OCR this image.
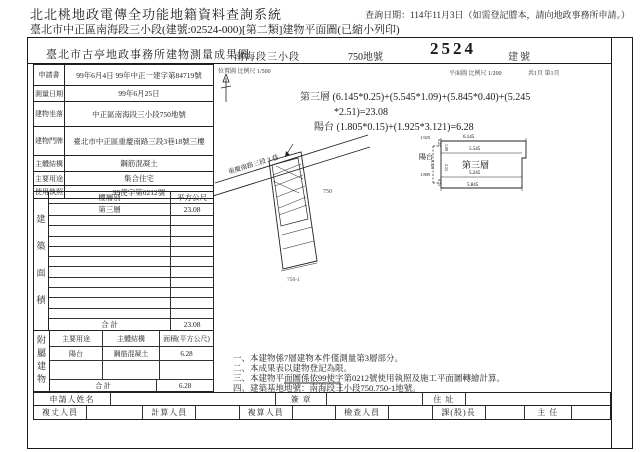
北北桃地政電傳全功能地籍資料查詢系統	查詢日期：114年11月3日（如需登記謄本，請向地政事務所申請。）
臺北市中正區南海段三小段(建號:02524-000)[第二類]建物平面圖(已縮小列印)
臺北市古亭地政事務所建物測量成果圖
南海段三小段	750地號	2524	建號
申請書	99年6月4日 99年中正一建字第84719號
測量日期	99年6月25日
建物坐落	中正區南海段三小段750地號
建物門牌	臺北市中正區重慶南路三段3巷18號三樓
主體結構	鋼筋混凝土
主要用途	集合住宅
使用執照	99使字第0212號
建築面積
樓層別	平方公尺
第三層	23.08
合 計	23.08
附屬建物	主要用途	主體結構	面積(平方公尺)
陽台	鋼筋混凝土	6.28
合 計	6.28
位置圖 比例尺 1/500	平面圖 比例尺 1/200	共1頁 第1頁
第三層 (6.145*0.25)+(5.545*1.09)+(5.845*0.40)+(5.245
*2.51)=23.08
陽台 (1.805*0.15)+(1.925*3.121)=6.28
重慶南路三段 3 巷
750
750-1
6.145
5.545
5.245
5.845
1.925
0.25
3.121
1.09
2.51
1.805
0.15
陽台
第三層
一、本建物係7層建物本件僅測量第3層部分。
二、本成果表以建物登記為限。
三、本建物平面圖係依99使字第0212號使用執照及施工平面圖轉繪計算。
四、建築基地地號：南海段三小段750.750-1地號。
申請人姓名	簽 章	住 址
複丈人員	計算人員	複算人員	檢查人員	課(股)長	主 任
